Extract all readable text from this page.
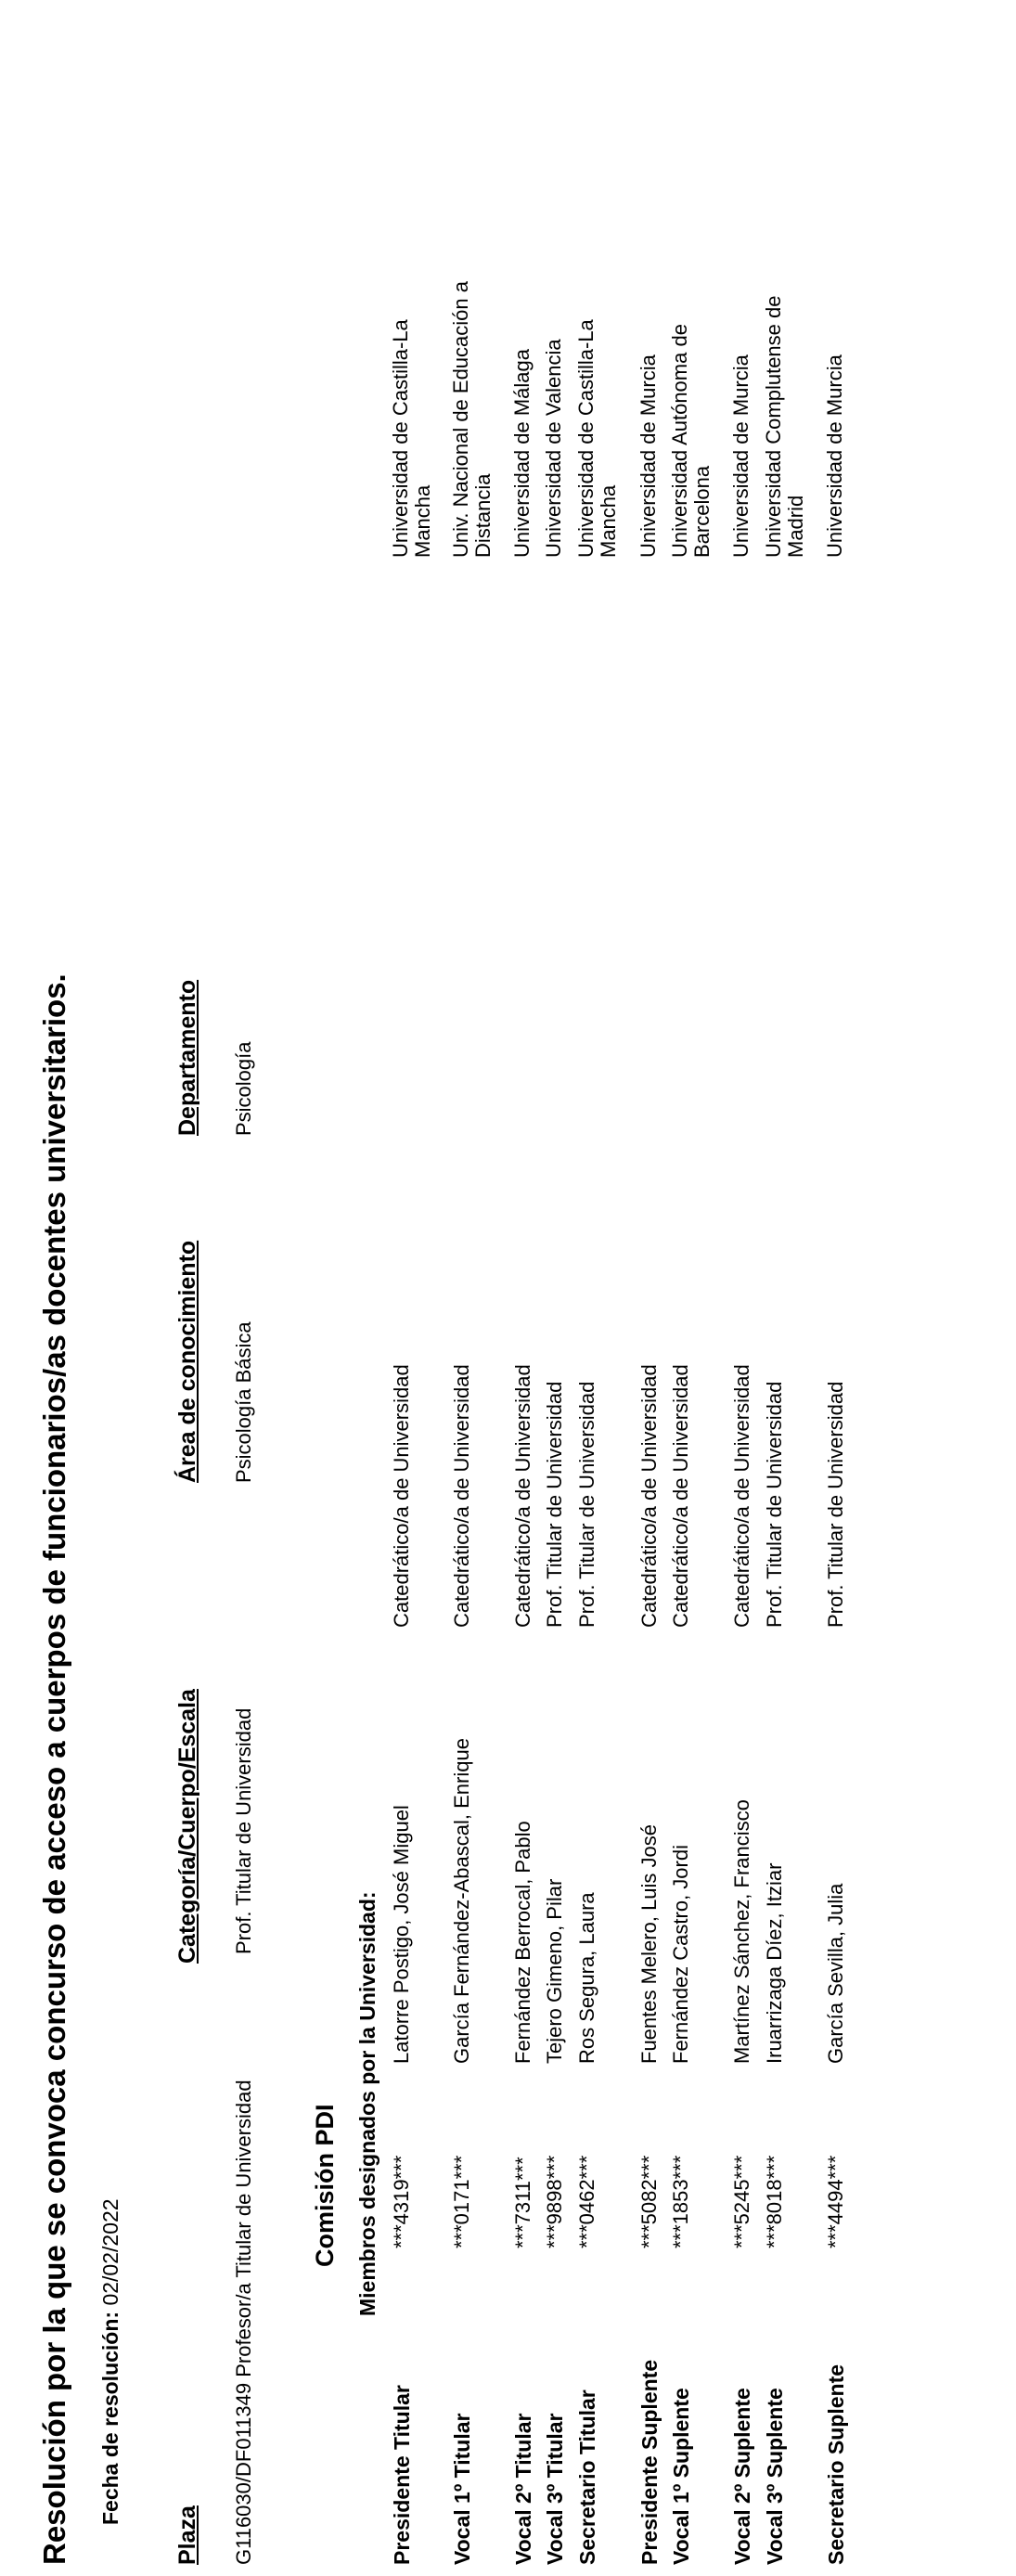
Resolución por la que se convoca concurso de acceso a cuerpos de funcionarios/as docentes universitarios. Fecha de resolución: 02/02/2022
Plaza
Categoría/Cuerpo/Escala
Área de conocimiento
Departamento
G116030/DF011349 Profesor/a Titular de Universidad
Prof. Titular de Universidad
Psicología Básica
Psicología
Comisión PDI Miembros designados por la Universidad:
Presidente Titular
***4319***
Latorre Postigo, José Miguel
Catedrático/a de Universidad
Universidad de Castilla-La Mancha
Vocal 1º Titular
***0171***
García Fernández-Abascal, Enrique
Catedrático/a de Universidad
Univ. Nacional de Educación a Distancia
Vocal 2º Titular
***7311***
Fernández Berrocal, Pablo
Catedrático/a de Universidad
Universidad de Málaga
Vocal 3º Titular
***9898***
Tejero Gimeno, Pilar
Prof. Titular de Universidad
Universidad de Valencia
Secretario Titular
***0462***
Ros Segura, Laura
Prof. Titular de Universidad
Universidad de Castilla-La Mancha
Presidente Suplente
***5082***
Fuentes Melero, Luis José
Catedrático/a de Universidad
Universidad de Murcia
Vocal 1º Suplente
***1853***
Fernández Castro, Jordi
Catedrático/a de Universidad
Universidad Autónoma de Barcelona
Vocal 2º Suplente
***5245***
Martínez Sánchez, Francisco
Catedrático/a de Universidad
Universidad de Murcia
Vocal 3º Suplente
***8018***
Iruarrizaga Díez, Itziar
Prof. Titular de Universidad
Universidad Complutense de Madrid
Secretario Suplente
***4494***
García Sevilla, Julia
Prof. Titular de Universidad
Universidad de Murcia
